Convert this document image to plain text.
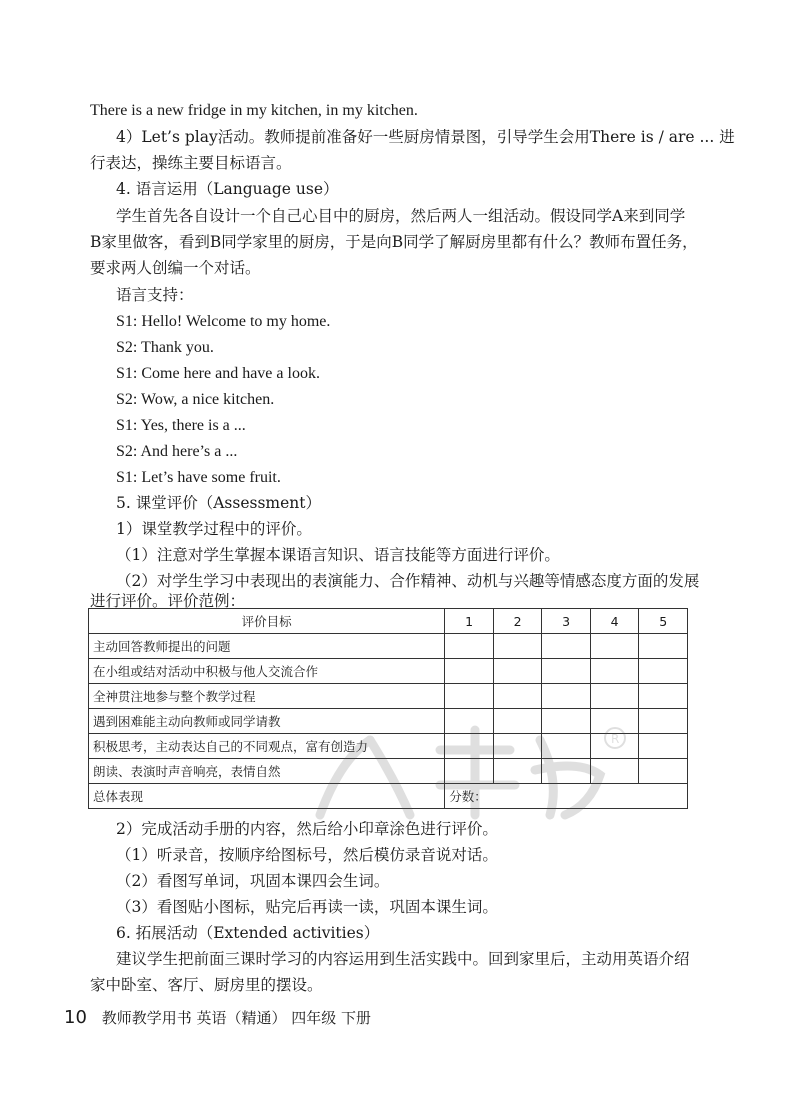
There is a new fridge in my kitchen, in my kitchen.
4）Let’s play活动。教师提前准备好一些厨房情景图，引导学生会用There is / are ... 进
行表达，操练主要目标语言。
4. 语言运用（Language use）
学生首先各自设计一个自己心目中的厨房，然后两人一组活动。假设同学A来到同学
B家里做客，看到B同学家里的厨房，于是向B同学了解厨房里都有什么？教师布置任务，
要求两人创编一个对话。
语言支持：
S1: Hello! Welcome to my home.
S2: Thank you.
S1: Come here and have a look.
S2: Wow, a nice kitchen.
S1: Yes, there is a ...
S2: And here’s a ...
S1: Let’s have some fruit.
5. 课堂评价（Assessment）
1）课堂教学过程中的评价。
（1）注意对学生掌握本课语言知识、语言技能等方面进行评价。
（2）对学生学习中表现出的表演能力、合作精神、动机与兴趣等情感态度方面的发展
进行评价。评价范例：
评价目标	1	2	3	4	5
主动回答教师提出的问题					
在小组或结对活动中积极与他人交流合作					
全神贯注地参与整个教学过程					
遇到困难能主动向教师或同学请教					
积极思考，主动表达自己的不同观点，富有创造力					
朗读、表演时声音响亮，表情自然					
总体表现	分数：				
R
2）完成活动手册的内容，然后给小印章涂色进行评价。
（1）听录音，按顺序给图标号，然后模仿录音说对话。
（2）看图写单词，巩固本课四会生词。
（3）看图贴小图标，贴完后再读一读，巩固本课生词。
6. 拓展活动（Extended activities）
建议学生把前面三课时学习的内容运用到生活实践中。回到家里后，主动用英语介绍
家中卧室、客厅、厨房里的摆设。
10 教师教学用书 英语（精通） 四年级 下册
